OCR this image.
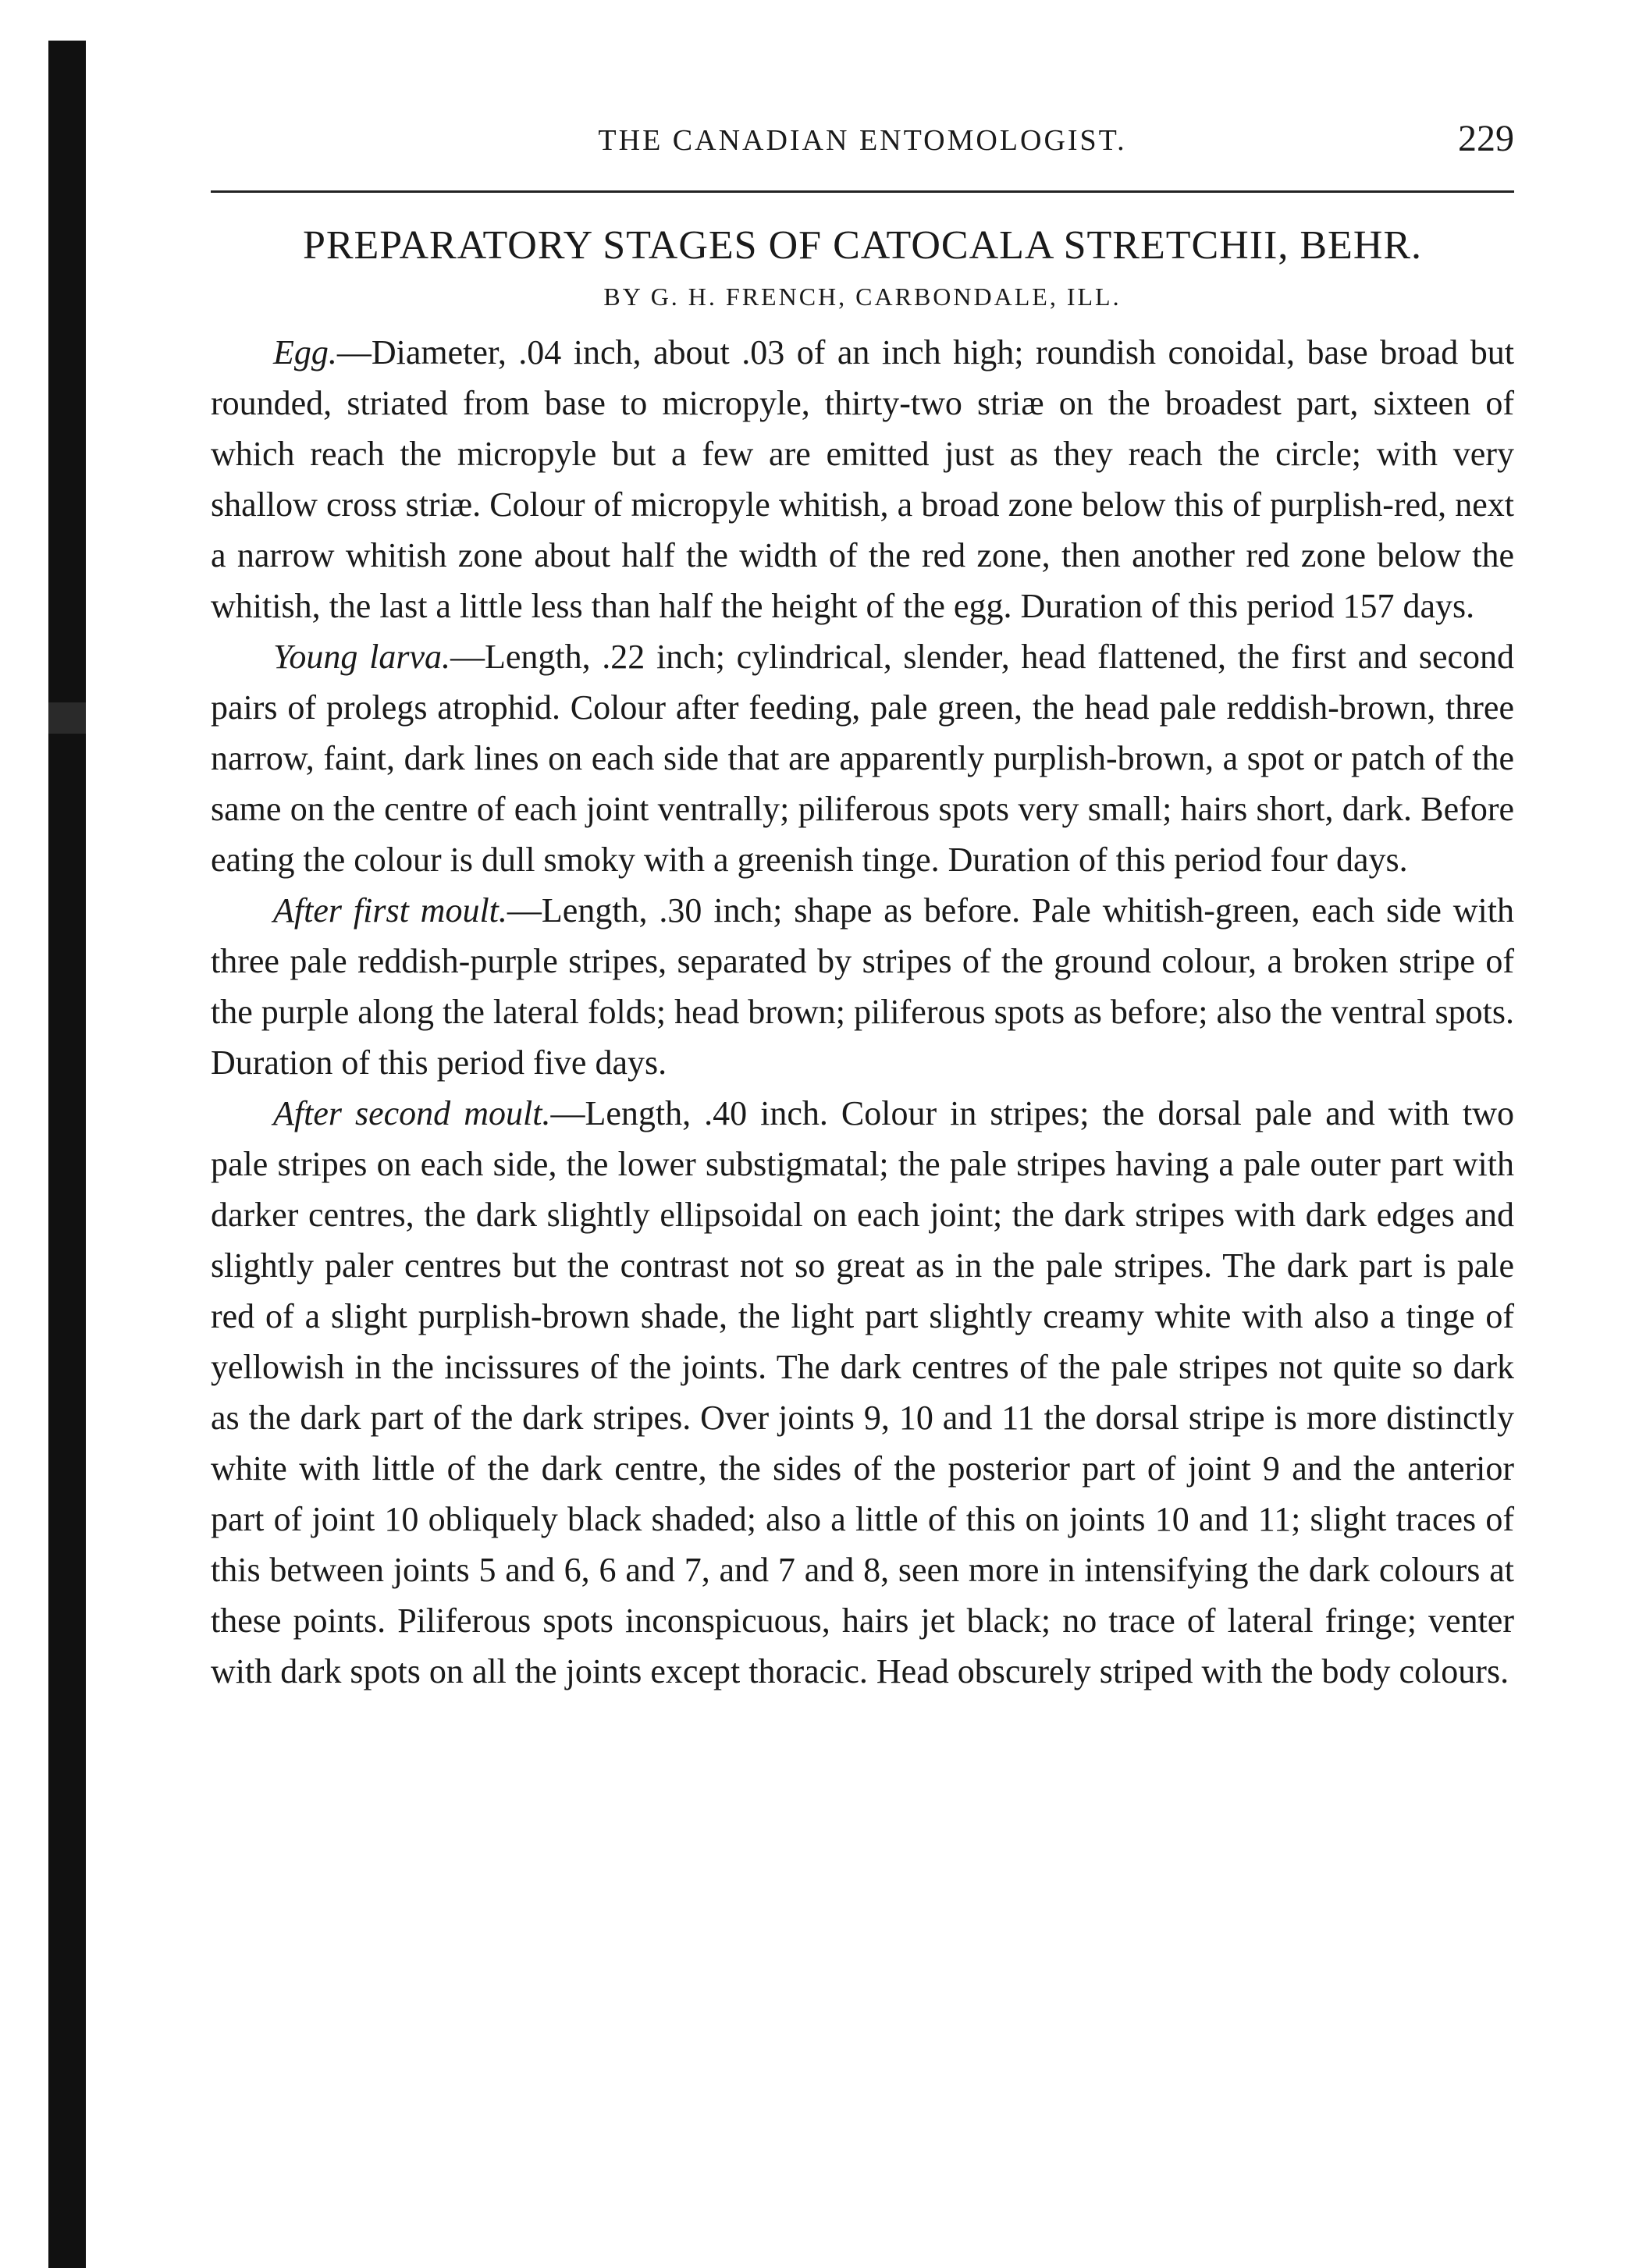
THE CANADIAN ENTOMOLOGIST.	229
PREPARATORY STAGES OF CATOCALA STRETCHII, BEHR.
BY G. H. FRENCH, CARBONDALE, ILL.

Egg.—Diameter, .04 inch, about .03 of an inch high; roundish conoidal, base broad but rounded, striated from base to micropyle, thirty-two striæ on the broadest part, sixteen of which reach the micropyle but a few are emitted just as they reach the circle; with very shallow cross striæ. Colour of micropyle whitish, a broad zone below this of purplish-red, next a narrow whitish zone about half the width of the red zone, then another red zone below the whitish, the last a little less than half the height of the egg. Duration of this period 157 days.

Young larva.—Length, .22 inch; cylindrical, slender, head flattened, the first and second pairs of prolegs atrophid. Colour after feeding, pale green, the head pale reddish-brown, three narrow, faint, dark lines on each side that are apparently purplish-brown, a spot or patch of the same on the centre of each joint ventrally; piliferous spots very small; hairs short, dark. Before eating the colour is dull smoky with a greenish tinge. Duration of this period four days.

After first moult.—Length, .30 inch; shape as before. Pale whitish-green, each side with three pale reddish-purple stripes, separated by stripes of the ground colour, a broken stripe of the purple along the lateral folds; head brown; piliferous spots as before; also the ventral spots. Duration of this period five days.

After second moult.—Length, .40 inch. Colour in stripes; the dorsal pale and with two pale stripes on each side, the lower substigmatal; the pale stripes having a pale outer part with darker centres, the dark slightly ellipsoidal on each joint; the dark stripes with dark edges and slightly paler centres but the contrast not so great as in the pale stripes. The dark part is pale red of a slight purplish-brown shade, the light part slightly creamy white with also a tinge of yellowish in the incissures of the joints. The dark centres of the pale stripes not quite so dark as the dark part of the dark stripes. Over joints 9, 10 and 11 the dorsal stripe is more distinctly white with little of the dark centre, the sides of the posterior part of joint 9 and the anterior part of joint 10 obliquely black shaded; also a little of this on joints 10 and 11; slight traces of this between joints 5 and 6, 6 and 7, and 7 and 8, seen more in intensifying the dark colours at these points. Piliferous spots inconspicuous, hairs jet black; no trace of lateral fringe; venter with dark spots on all the joints except thoracic. Head obscurely striped with the body colours.
